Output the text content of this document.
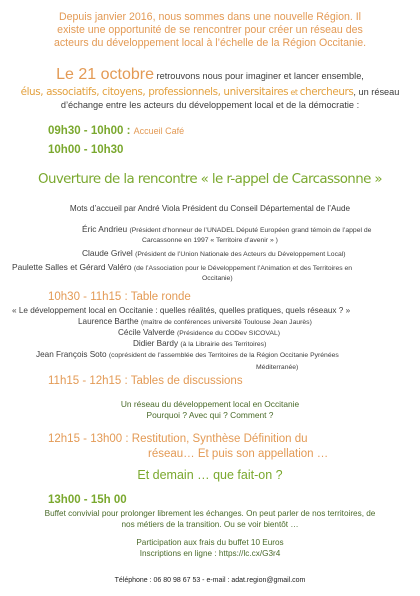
Depuis janvier 2016, nous sommes dans une nouvelle Région. Il
existe une opportunité de se rencontrer pour créer un réseau des
acteurs du développement local à l’échelle de la Région Occitanie.
Le 21 octobre retrouvons nous pour imaginer et lancer ensemble,
élus, associatifs, citoyens, professionnels, universitaires et chercheurs, un réseau
d’échange entre les acteurs du développement local et de la démocratie :
09h30 - 10h00 : Accueil Café
10h00 - 10h30
Ouverture de la rencontre « le r-appel de Carcassonne »
Mots d’accueil par André Viola Président du Conseil Départemental de l’Aude
Éric Andrieu (Président d’honneur de l’UNADEL Député Européen grand témoin de l’appel de
Carcassonne en 1997 « Territoire d’avenir » )
Claude Grivel (Président de l’Union Nationale des Acteurs du Développement Local)
Paulette Salles et Gérard Valéro (de l’Association pour le Développement l’Animation et des Territoires en
Occitanie)
10h30 - 11h15 : Table ronde
« Le développement local en Occitanie : quelles réalités, quelles pratiques, quels réseaux ? »
Laurence Barthe (maître de conférences université Toulouse Jean Jaurès)
Cécile Valverde (Présidence du CODev SICOVAL)
Didier Bardy (à la Librairie des Territoires)
Jean François Soto (coprésident de l’assemblée des Territoires de la Région Occitanie Pyrénées
Méditerranée)
11h15 - 12h15 : Tables de discussions
Un réseau du développement local en Occitanie
Pourquoi ? Avec qui ? Comment ?
12h15 - 13h00 : Restitution, Synthèse Définition du
réseau… Et puis son appellation …
Et demain … que fait-on ?
13h00 - 15h 00
Buffet convivial pour prolonger librement les échanges. On peut parler de nos territoires, de
nos métiers de la transition. Ou se voir bientôt …
Participation aux frais du buffet 10 Euros
Inscriptions en ligne : https://lc.cx/G3r4
Téléphone : 06 80 98 67 53 - e-mail : adat.region@gmail.com
